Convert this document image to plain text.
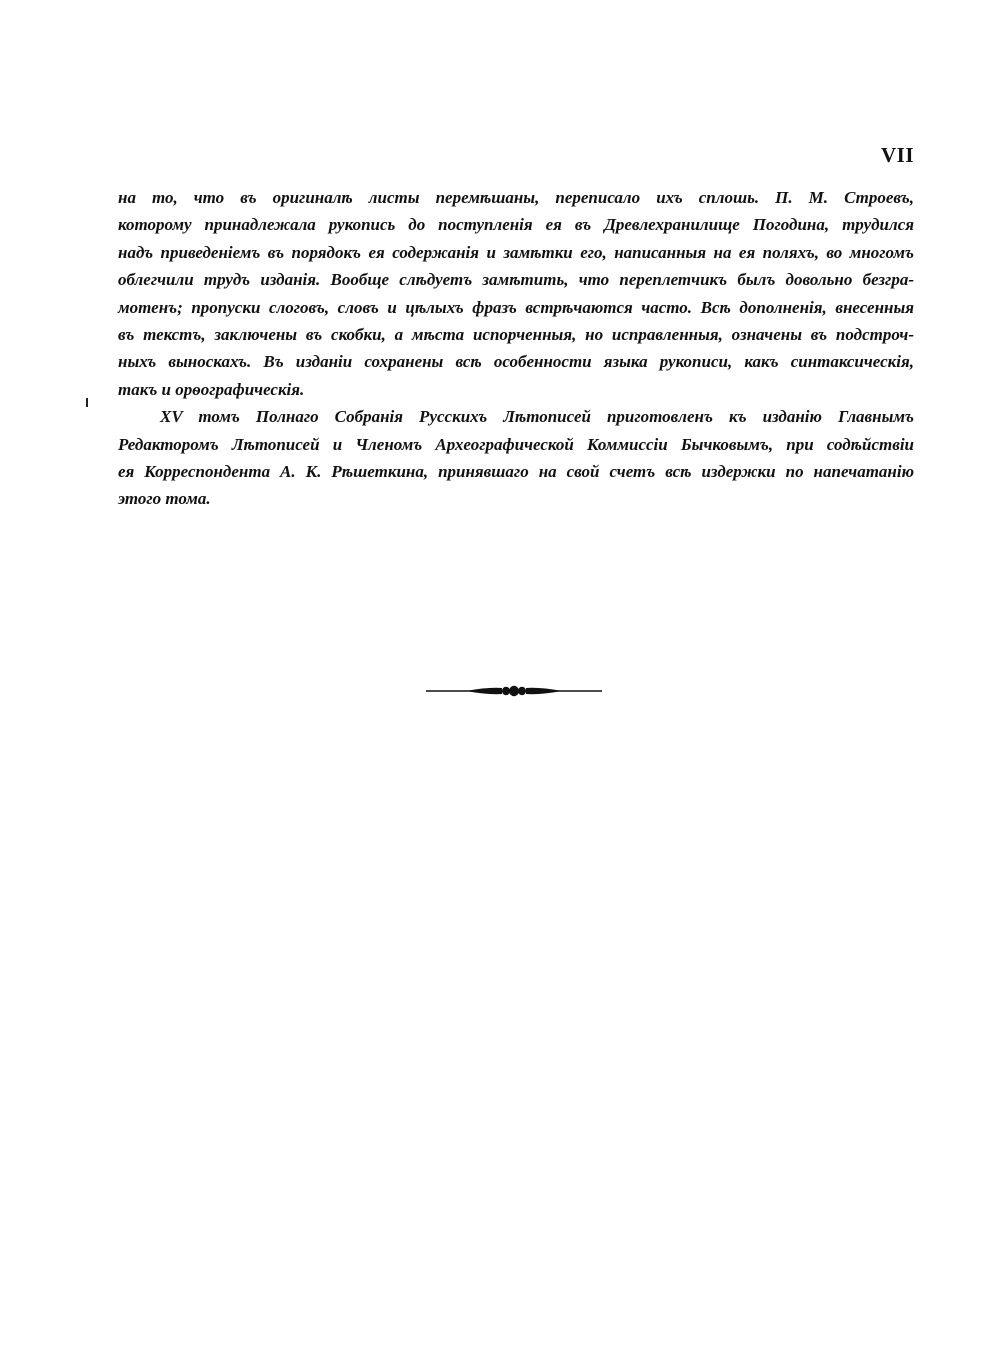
VII
на то, что въ оригиналѣ листы перемѣшаны, переписало ихъ сплошь. П. М. Строевъ,
которому принадлежала рукопись до поступленія ея въ Древлехранилище Погодина, трудился
надъ приведеніемъ въ порядокъ ея содержанія и замѣтки его, написанныя на ея поляхъ, во многомъ
облегчили трудъ изданія. Вообще слѣдуетъ замѣтить, что переплетчикъ былъ довольно безгра-
мотенъ; пропуски слоговъ, словъ и цѣлыхъ фразъ встрѣчаются часто. Всѣ дополненія, внесенныя
въ текстъ, заключены въ скобки, а мѣста испорченныя, но исправленныя, означены въ подстроч-
ныхъ выноскахъ. Въ изданіи сохранены всѣ особенности языка рукописи, какъ синтаксическія,
такъ и орѳографическія.
XV томъ Полнаго Собранія Русскихъ Лѣтописей приготовленъ къ изданію Главнымъ
Редакторомъ Лѣтописей и Членомъ Археографической Коммиссіи Бычковымъ, при содѣйствіи
ея Корреспондента А. К. Рѣшеткина, принявшаго на свой счетъ всѣ издержки по напечатанію
этого тома.
